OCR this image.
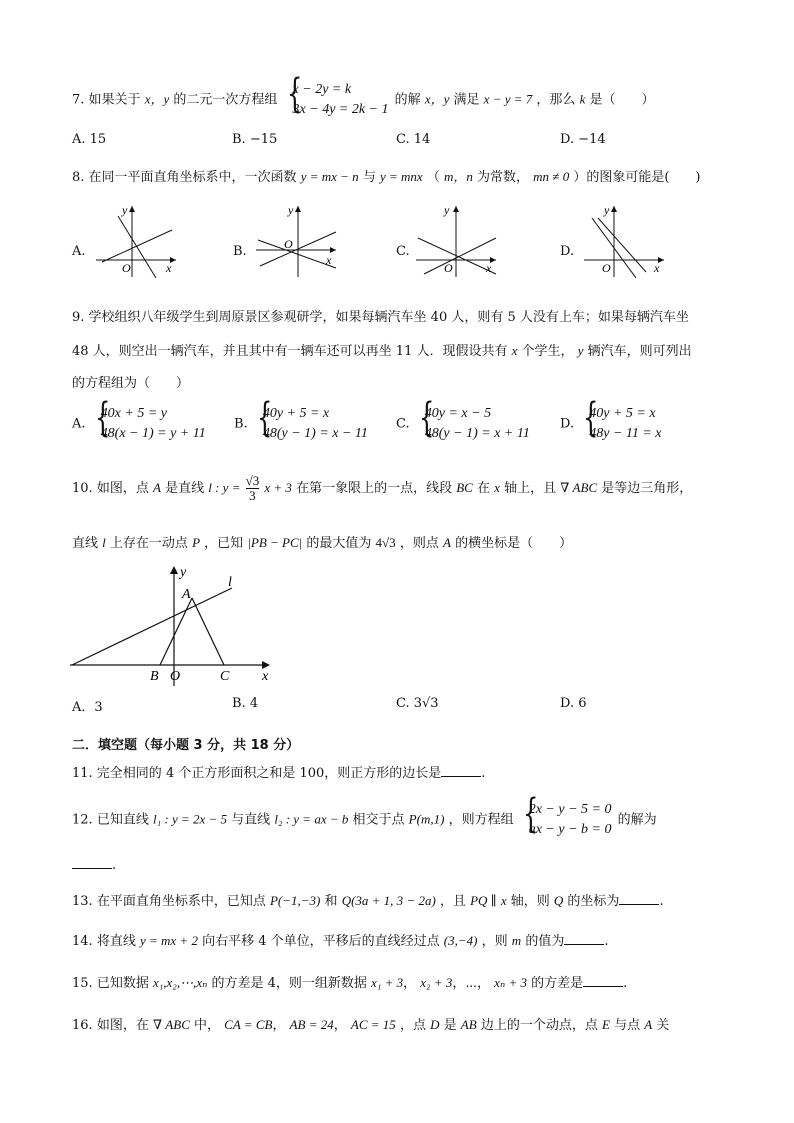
7. 如果关于 x，y 的二元一次方程组
{ x − 2y = k
3x − 4y = 2k − 1
的解 x，y 满足 x − y = 7 ，那么 k 是（　　）
A. 15	B. −15	C. 14	D. −14
8. 在同一平面直角坐标系中，一次函数 y = mx − n 与 y = mnx （ m，n 为常数， mn ≠ 0 ）的图象可能是(　　)
A.
O	x
y
B.	O
x
y
C.
O	x
y
D.
O	x
y
9. 学校组织八年级学生到周原景区参观研学，如果每辆汽车坐 40 人，则有 5 人没有上车；如果每辆汽车坐
48 人，则空出一辆汽车，并且其中有一辆车还可以再坐 11 人．现假设共有 x 个学生， y 辆汽车，则可列出
的方程组为（　　）
A.
{ 40x + 5 = y
48(x − 1) = y + 11
B.
{ 40y + 5 = x
48(y − 1) = x − 11
C.
{ 40y = x − 5
48(y − 1) = x + 11
D.
{ 40y + 5 = x
48y − 11 = x
10. 如图，点 A 是直线 l : $y = \frac{√3}{3}$ x + 3 在第一象限上的一点，线段 BC 在 x 轴上，且 ∇ ABC 是等边三角形，
直线 l 上存在一动点 P ，已知 |PB − PC| 的最大值为 4√3 ，则点 A 的横坐标是（　　）
y
x
l
A
B O	C
A．3	B. 4	C. 3√3	D. 6
二．填空题（每小题 3 分，共 18 分）
11. 完全相同的 4 个正方形面积之和是 100，则正方形的边长是	.
12. 已知直线 l₁ : y = 2x − 5 与直线 l₂ : y = ax − b 相交于点 P(m,1) ，则方程组
{ 2x − y − 5 = 0
ax − y − b = 0
的解为
.
13. 在平面直角坐标系中，已知点 P(−1,−3) 和 Q(3a + 1, 3 − 2a) ，且 PQ ∥ x 轴，则 Q 的坐标为	.
14. 将直线 y = mx + 2 向右平移 4 个单位，平移后的直线经过点 (3,−4) ，则 m 的值为	.
15. 已知数据 x₁,x₂,⋯,xₙ 的方差是 4，则一组新数据 x₁ + 3， x₂ + 3，⋯， xₙ + 3 的方差是	.
16. 如图，在 ∇ ABC 中， CA = CB， AB = 24， AC = 15 ，点 D 是 AB 边上的一个动点，点 E 与点 A 关
